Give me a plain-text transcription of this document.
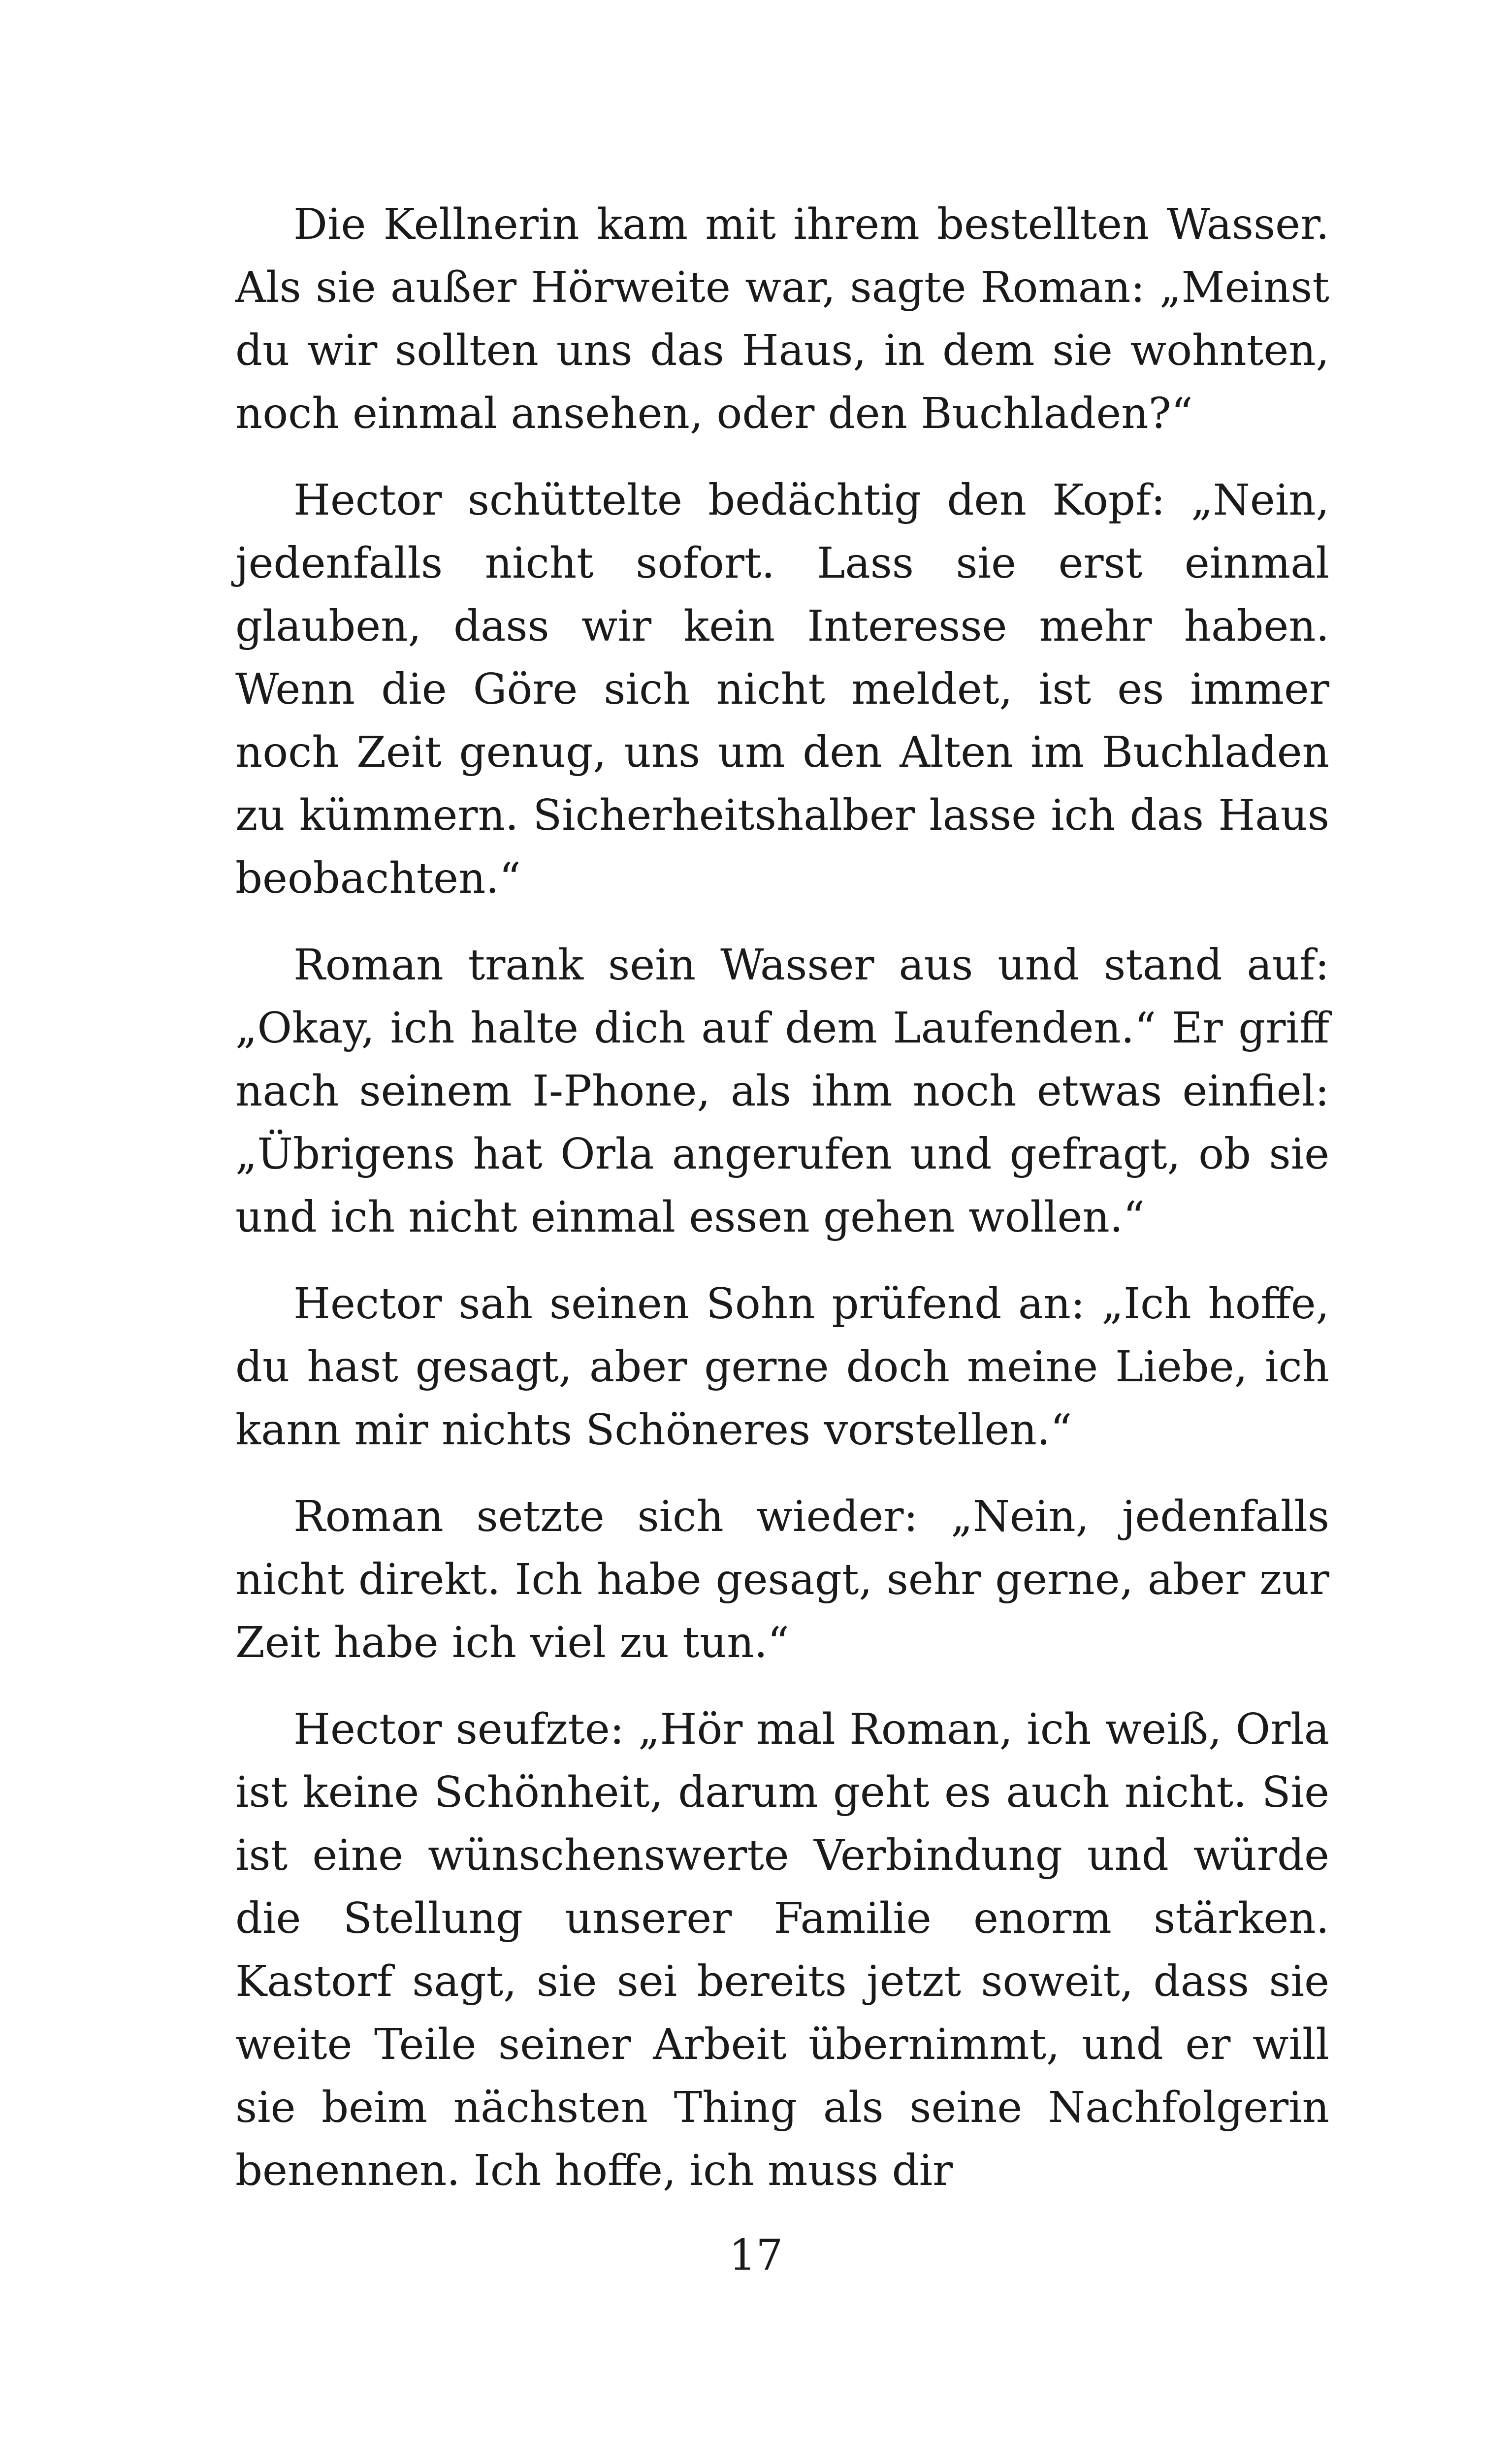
Die Kellnerin kam mit ihrem bestellten Wasser. Als sie außer Hörweite war, sagte Roman: „Meinst du wir sollten uns das Haus, in dem sie wohnten, noch einmal ansehen, oder den Buchladen?“

Hector schüttelte bedächtig den Kopf: „Nein, jedenfalls nicht sofort. Lass sie erst einmal glauben, dass wir kein Interesse mehr haben. Wenn die Göre sich nicht meldet, ist es immer noch Zeit genug, uns um den Alten im Buchladen zu kümmern. Sicherheitshalber lasse ich das Haus beobachten.“

Roman trank sein Wasser aus und stand auf: „Okay, ich halte dich auf dem Laufenden.“ Er griff nach seinem I-Phone, als ihm noch etwas einfiel: „Übrigens hat Orla angerufen und gefragt, ob sie und ich nicht einmal essen gehen wollen.“

Hector sah seinen Sohn prüfend an: „Ich hoffe, du hast gesagt, aber gerne doch meine Liebe, ich kann mir nichts Schöneres vorstellen.“

Roman setzte sich wieder: „Nein, jedenfalls nicht direkt. Ich habe gesagt, sehr gerne, aber zur Zeit habe ich viel zu tun.“

Hector seufzte: „Hör mal Roman, ich weiß, Orla ist keine Schönheit, darum geht es auch nicht. Sie ist eine wünschenswerte Verbindung und würde die Stellung unserer Familie enorm stärken. Kastorf sagt, sie sei bereits jetzt soweit, dass sie weite Teile seiner Arbeit übernimmt, und er will sie beim nächsten Thing als seine Nachfolgerin benennen. Ich hoffe, ich muss dir

17
